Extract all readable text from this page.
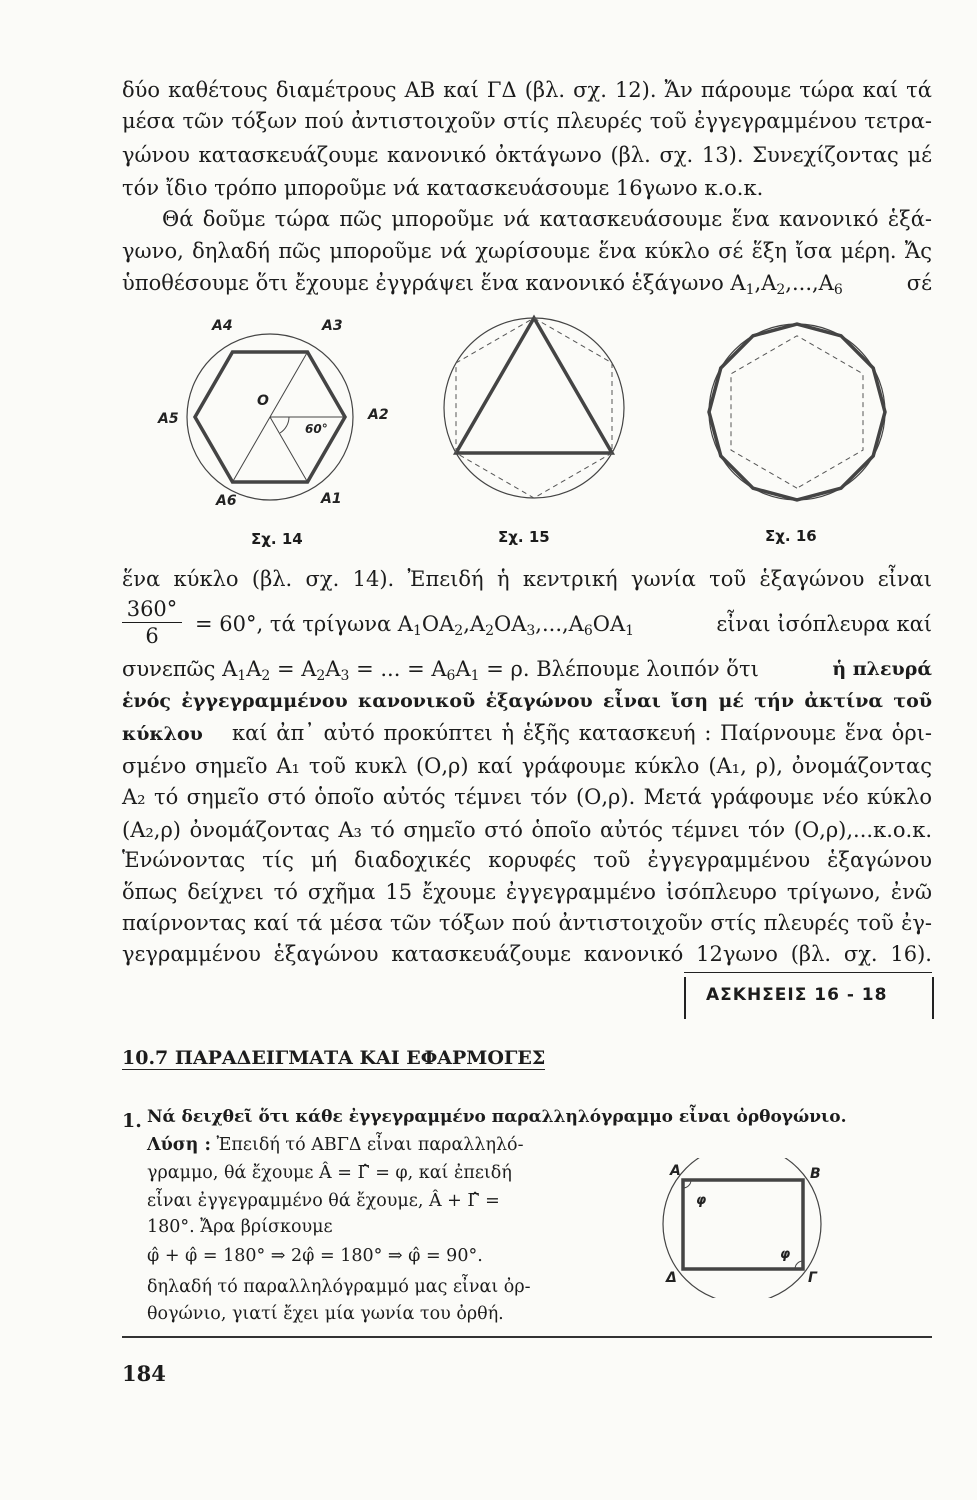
δύο καθέτους διαμέτρους ΑΒ καί ΓΔ (βλ. σχ. 12). Ἄν πάρουμε τώρα καί τά
μέσα τῶν τόξων πού ἀντιστοιχοῦν στίς πλευρές τοῦ ἐγγεγραμμένου τετρα-
γώνου κατασκευάζουμε κανονικό ὀκτάγωνο (βλ. σχ. 13). Συνεχίζοντας μέ
τόν ἴδιο τρόπο μποροῦμε νά κατασκευάσουμε 16γωνο κ.ο.κ.
Θά δοῦμε τώρα πῶς μποροῦμε νά κατασκευάσουμε ἕνα κανονικό ἑξά-
γωνο, δηλαδή πῶς μποροῦμε νά χωρίσουμε ἕνα κύκλο σέ ἕξη ἴσα μέρη. Ἄς
ὑποθέσουμε ὅτι ἔχουμε ἐγγράψει ἕνα κανονικό ἑξάγωνο $A_1,A_2,...,A_6$	σέ
A4	A3
A5	A2
A6	A1
O
60°
Σχ. 14	Σχ. 15	Σχ. 16
ἕνα κύκλο (βλ. σχ. 14). Ἐπειδή ἡ κεντρική γωνία τοῦ ἑξαγώνου εἶναι
$\frac{360^\circ}{6} = 60^\circ$, τά τρίγωνα $A_1OA_2,A_2OA_3,...,A_6OA_1$	εἶναι ἰσόπλευρα καί
συνεπῶς $A_1A_2 = A_2A_3$ = ... = $A_6A_1 = \rho$. Βλέπουμε λοιπόν ὅτι	ἡ πλευρά
ἑνός ἐγγεγραμμένου κανονικοῦ ἑξαγώνου εἶναι ἴση μέ τήν ἀκτίνα τοῦ
κύκλου καί ἀπ᾽ αὐτό προκύπτει ἡ ἑξῆς κατασκευή : Παίρνουμε ἕνα ὁρι-
σμένο σημεῖο A₁ τοῦ κυκλ (Ο,ρ) καί γράφουμε κύκλο (A₁, ρ), ὀνομάζοντας
A₂ τό σημεῖο στό ὁποῖο αὐτός τέμνει τόν (Ο,ρ). Μετά γράφουμε νέο κύκλο
(A₂,ρ) ὀνομάζοντας A₃ τό σημεῖο στό ὁποῖο αὐτός τέμνει τόν (Ο,ρ),...κ.ο.κ.
Ἑνώνοντας τίς μή διαδοχικές κορυφές τοῦ ἐγγεγραμμένου ἑξαγώνου
ὅπως δείχνει τό σχῆμα 15 ἔχουμε ἐγγεγραμμένο ἰσόπλευρο τρίγωνο, ἐνῶ
παίρνοντας καί τά μέσα τῶν τόξων πού ἀντιστοιχοῦν στίς πλευρές τοῦ ἐγ-
γεγραμμένου ἑξαγώνου κατασκευάζουμε κανονικό 12γωνο (βλ. σχ. 16).
ΑΣΚΗΣΕΙΣ 16 - 18
10.7 ΠΑΡΑΔΕΙΓΜΑΤΑ ΚΑΙ ΕΦΑΡΜΟΓΕΣ
1. Νά δειχθεῖ ὅτι κάθε ἐγγεγραμμένο παραλληλόγραμμο εἶναι ὀρθογώνιο.
Λύση : Ἐπειδή τό ΑΒΓΔ εἶναι παραλληλό-
γραμμο, θά ἔχουμε Â = Γ̂ = φ, καί ἐπειδή
εἶναι ἐγγεγραμμένο θά ἔχουμε, Â + Γ̂ =
180°. Ἄρα βρίσκουμε
φ̂ + φ̂ = 180° ⇒ 2φ̂ = 180° ⇒ φ̂ = 90°.
δηλαδή τό παραλληλόγραμμό μας εἶναι ὀρ-
θογώνιο, γιατί ἔχει μία γωνία του ὀρθή.
A	B
Δ	Γ
φ
φ
184
